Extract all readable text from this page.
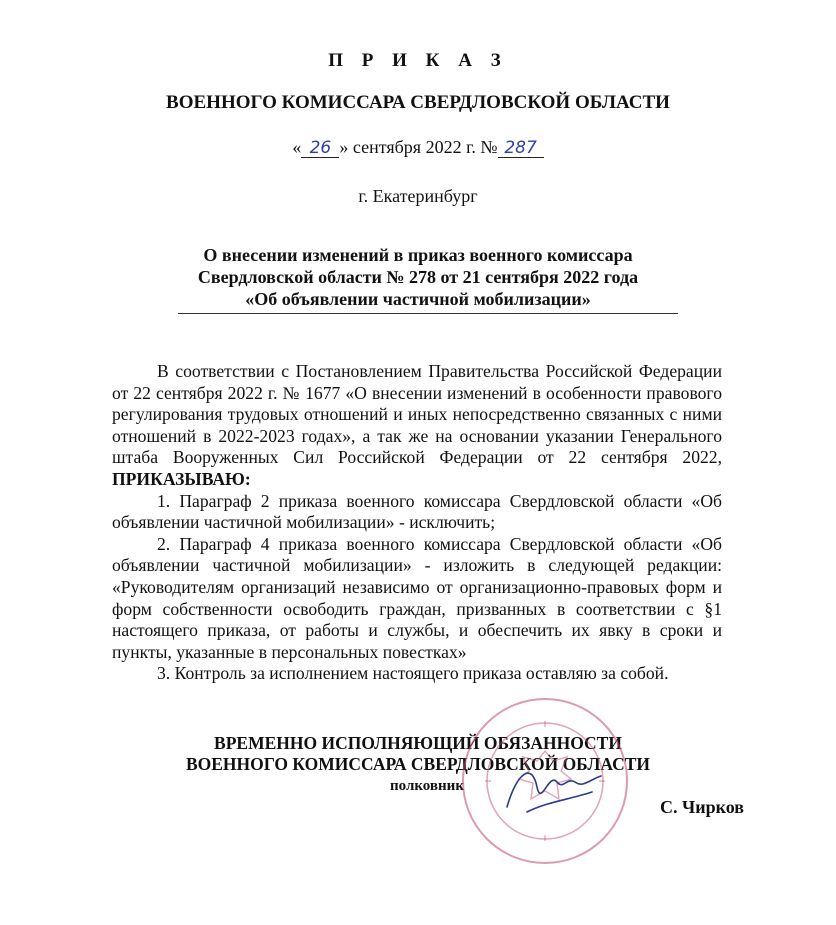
П Р И К А З
ВОЕННОГО КОМИССАРА СВЕРДЛОВСКОЙ ОБЛАСТИ
« 26 » сентября 2022 г. № 287
г. Екатеринбург
О внесении изменений в приказ военного комиссара
Свердловской области № 278 от 21 сентября 2022 года
«Об объявлении частичной мобилизации»

В соответствии с Постановлением Правительства Российской Федерации от 22 сентября 2022 г. № 1677 «О внесении изменений в особенности правового регулирования трудовых отношений и иных непосредственно связанных с ними отношений в 2022-2023 годах», а так же на основании указании Генерального штаба Вооруженных Сил Российской Федерации от 22 сентября 2022, ПРИКАЗЫВАЮ:

1. Параграф 2 приказа военного комиссара Свердловской области «Об объявлении частичной мобилизации» - исключить;

2. Параграф 4 приказа военного комиссара Свердловской области «Об объявлении частичной мобилизации» - изложить в следующей редакции: «Руководителям организаций независимо от организационно-правовых форм и форм собственности освободить граждан, призванных в соответствии с §1 настоящего приказа, от работы и службы, и обеспечить их явку в сроки и пункты, указанные в персональных повестках»

3. Контроль за исполнением настоящего приказа оставляю за собой.

ВРЕМЕННО ИСПОЛНЯЮЩИЙ ОБЯЗАННОСТИ
ВОЕННОГО КОМИССАРА СВЕРДЛОВСКОЙ ОБЛАСТИ
полковник
С. Чирков
